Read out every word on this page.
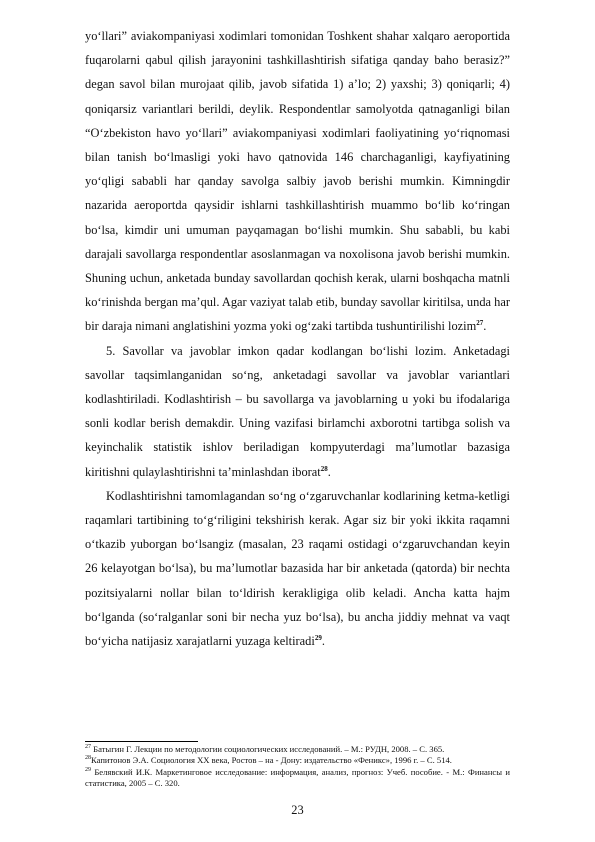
yo‘llari” aviakompaniyasi xodimlari tomonidan Toshkent shahar xalqaro aeroportida fuqarolarni qabul qilish jarayonini tashkillashtirish sifatiga qanday baho berasiz?” degan savol bilan murojaat qilib, javob sifatida 1) a’lo; 2) yaxshi; 3) qoniqarli; 4) qoniqarsiz variantlari berildi, deylik. Respondentlar samolyotda qatnaganligi bilan “O‘zbekiston havo yo‘llari” aviakompaniyasi xodimlari faoliyatining yo‘riqnomasi bilan tanish bo‘lmasligi yoki havo qatnovida 146 charchaganligi, kayfiyatining yo‘qligi sababli har qanday savolga salbiy javob berishi mumkin. Kimningdir nazarida aeroportda qaysidir ishlarni tashkillashtirish muammo bo‘lib ko‘ringan bo‘lsa, kimdir uni umuman payqamagan bo‘lishi mumkin. Shu sababli, bu kabi darajali savollarga respondentlar asoslanmagan va noxolisona javob berishi mumkin. Shuning uchun, anketada bunday savollardan qochish kerak, ularni boshqacha matnli ko‘rinishda bergan ma’qul. Agar vaziyat talab etib, bunday savollar kiritilsa, unda har bir daraja nimani anglatishini yozma yoki og‘zaki tartibda tushuntirilishi lozim$^{27}$.

5. Savollar va javoblar imkon qadar kodlangan bo‘lishi lozim. Anketadagi savollar taqsimlanganidan so‘ng, anketadagi savollar va javoblar variantlari kodlashtiriladi. Kodlashtirish – bu savollarga va javoblarning u yoki bu ifodalariga sonli kodlar berish demakdir. Uning vazifasi birlamchi axborotni tartibga solish va keyinchalik statistik ishlov beriladigan kompyuterdagi ma’lumotlar bazasiga kiritishni qulaylashtirishni ta’minlashdan iborat$^{28}$.

Kodlashtirishni tamomlagandan so‘ng o‘zgaruvchanlar kodlarining ketma-ketligi raqamlari tartibining to‘g‘riligini tekshirish kerak. Agar siz bir yoki ikkita raqamni o‘tkazib yuborgan bo‘lsangiz (masalan, 23 raqami ostidagi o‘zgaruvchandan keyin 26 kelayotgan bo‘lsa), bu ma’lumotlar bazasida har bir anketada (qatorda) bir nechta pozitsiyalarni nollar bilan to‘ldirish kerakligiga olib keladi. Ancha katta hajm bo‘lganda (so‘ralganlar soni bir necha yuz bo‘lsa), bu ancha jiddiy mehnat va vaqt bo‘yicha natijasiz xarajatlarni yuzaga keltiradi$^{29}$.

$^{27}$ Батыгин Г. Лекции по методологии социологических исследований. – М.: РУДН, 2008. – С. 365.

$^{28}$Капитонов Э.А. Социология ХХ века, Ростов – на - Дону: издательство «Феникс», 1996 г. – С. 514.

$^{29}$ Белявский И.К. Маркетинговое исследование: информация, анализ, прогноз: Учеб. пособие. - М.: Финансы и статистика, 2005 – С. 320.

23
